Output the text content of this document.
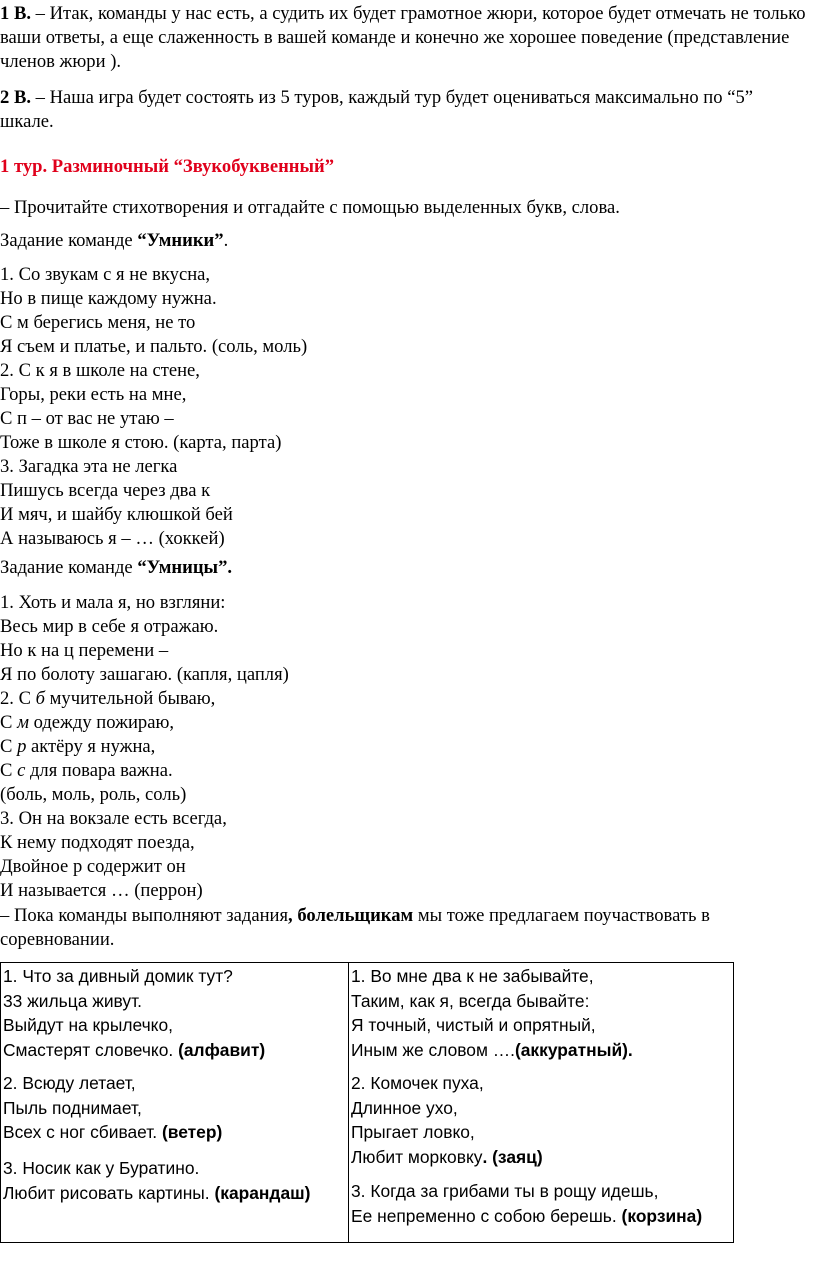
1 В. – Итак, команды у нас есть, а судить их будет грамотное жюри, которое будет отмечать не только ваши ответы, а еще слаженность в вашей команде и конечно же хорошее поведение (представление членов жюри ).
2 В. – Наша игра будет состоять из 5 туров, каждый тур будет оцениваться максимально по “5” шкале.
1 тур. Разминочный “Звукобуквенный”
– Прочитайте стихотворения и отгадайте с помощью выделенных букв, слова.
Задание команде “Умники”.
1. Со звукам с я не вкусна,
Но в пище каждому нужна.
С м берегись меня, не то
Я съем и платье, и пальто. (соль, моль)
2. С к я в школе на стене,
Горы, реки есть на мне,
С п – от вас не утаю –
Тоже в школе я стою. (карта, парта)
3. Загадка эта не легка
Пишусь всегда через два к
И мяч, и шайбу клюшкой бей
А называюсь я – … (хоккей)
Задание команде “Умницы”.
1. Хоть и мала я, но взгляни:
Весь мир в себе я отражаю.
Но к на ц перемени –
Я по болоту зашагаю. (капля, цапля)
2. С б мучительной бываю,
С м одежду пожираю,
С р актёру я нужна,
С с для повара важна.
(боль, моль, роль, соль)
3. Он на вокзале есть всегда,
К нему подходят поезда,
Двойное р содержит он
И называется … (перрон)
– Пока команды выполняют задания, болельщикам мы тоже предлагаем поучаствовать в соревновании.
1. Что за дивный домик тут?
33 жильца живут.
Выйдут на крылечко,
Смастерят словечко. (алфавит)
2. Всюду летает,
Пыль поднимает,
Всех с ног сбивает. (ветер)
3. Носик как у Буратино.
Любит рисовать картины. (карандаш)

1. Во мне два к не забывайте,
Таким, как я, всегда бывайте:
Я точный, чистый и опрятный,
Иным же словом ….(аккуратный).
2. Комочек пуха,
Длинное ухо,
Прыгает ловко,
Любит морковку. (заяц)
3. Когда за грибами ты в рощу идешь,
Ее непременно с собою берешь. (корзина)
